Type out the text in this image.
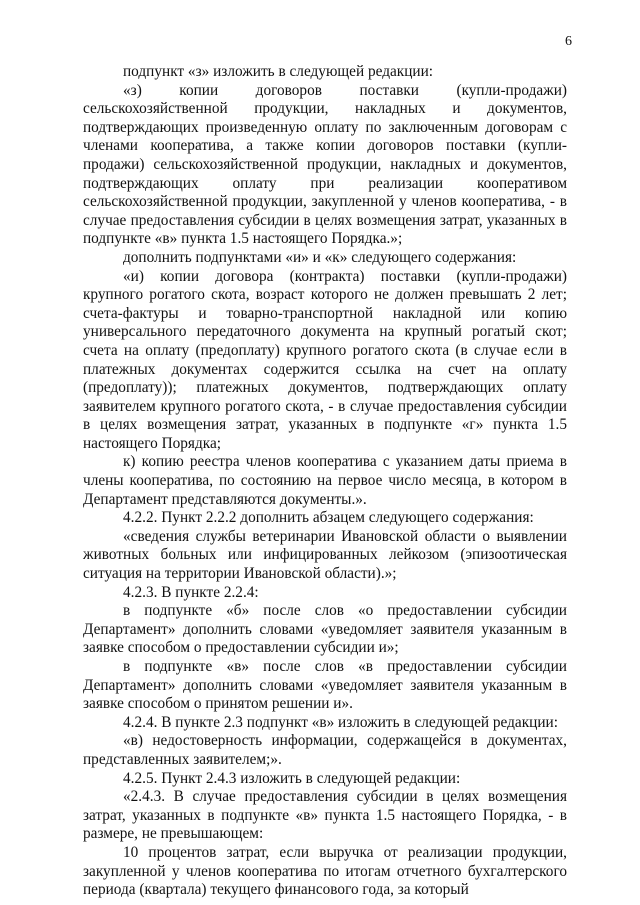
6

подпункт «з» изложить в следующей редакции:

«з) копии договоров поставки (купли-продажи) сельскохозяйственной продукции, накладных и документов, подтверждающих произведенную оплату по заключенным договорам с членами кооператива, а также копии договоров поставки (купли-продажи) сельскохозяйственной продукции, накладных и документов, подтверждающих оплату при реализации кооперативом сельскохозяйственной продукции, закупленной у членов кооператива, - в случае предоставления субсидии в целях возмещения затрат, указанных в подпункте «в» пункта 1.5 настоящего Порядка.»;

дополнить подпунктами «и» и «к» следующего содержания:

«и) копии договора (контракта) поставки (купли-продажи) крупного рогатого скота, возраст которого не должен превышать 2 лет; счета-фактуры и товарно-транспортной накладной или копию универсального передаточного документа на крупный рогатый скот; счета на оплату (предоплату) крупного рогатого скота (в случае если в платежных документах содержится ссылка на счет на оплату (предоплату)); платежных документов, подтверждающих оплату заявителем крупного рогатого скота, - в случае предоставления субсидии в целях возмещения затрат, указанных в подпункте «г» пункта 1.5 настоящего Порядка;

к) копию реестра членов кооператива с указанием даты приема в члены кооператива, по состоянию на первое число месяца, в котором в Департамент представляются документы.».

4.2.2. Пункт 2.2.2 дополнить абзацем следующего содержания:

«сведения службы ветеринарии Ивановской области о выявлении животных больных или инфицированных лейкозом (эпизоотическая ситуация на территории Ивановской области).»;

4.2.3. В пункте 2.2.4:

в подпункте «б» после слов «о предоставлении субсидии Департамент» дополнить словами «уведомляет заявителя указанным в заявке способом о предоставлении субсидии и»;

в подпункте «в» после слов «в предоставлении субсидии Департамент» дополнить словами «уведомляет заявителя указанным в заявке способом о принятом решении и».

4.2.4. В пункте 2.3 подпункт «в» изложить в следующей редакции:

«в) недостоверность информации, содержащейся в документах, представленных заявителем;».

4.2.5. Пункт 2.4.3 изложить в следующей редакции:

«2.4.3. В случае предоставления субсидии в целях возмещения затрат, указанных в подпункте «в» пункта 1.5 настоящего Порядка, - в размере, не превышающем:

10 процентов затрат, если выручка от реализации продукции, закупленной у членов кооператива по итогам отчетного бухгалтерского периода (квартала) текущего финансового года, за который
